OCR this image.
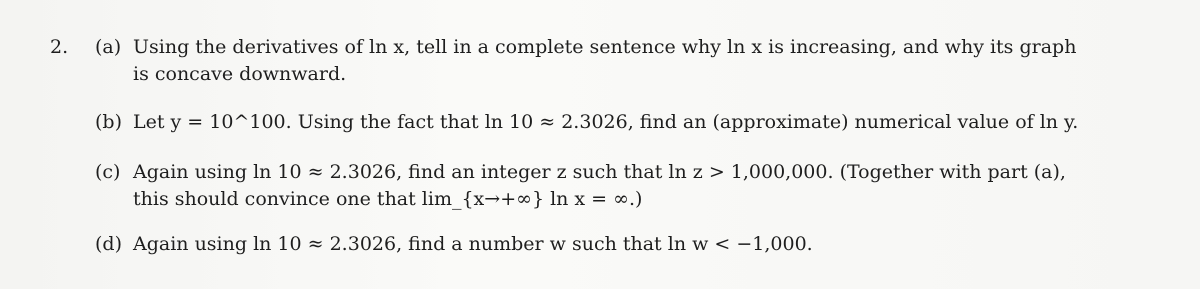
2. (a) Using the derivatives of ln x, tell in a complete sentence why ln x is increasing, and why its graph
is concave downward.
(b) Let y = 10^100. Using the fact that ln 10 ≈ 2.3026, find an (approximate) numerical value of ln y.
(c) Again using ln 10 ≈ 2.3026, find an integer z such that ln z > 1,000,000. (Together with part (a),
this should convince one that lim_{x→+∞} ln x = ∞.)
(d) Again using ln 10 ≈ 2.3026, find a number w such that ln w < −1,000.
